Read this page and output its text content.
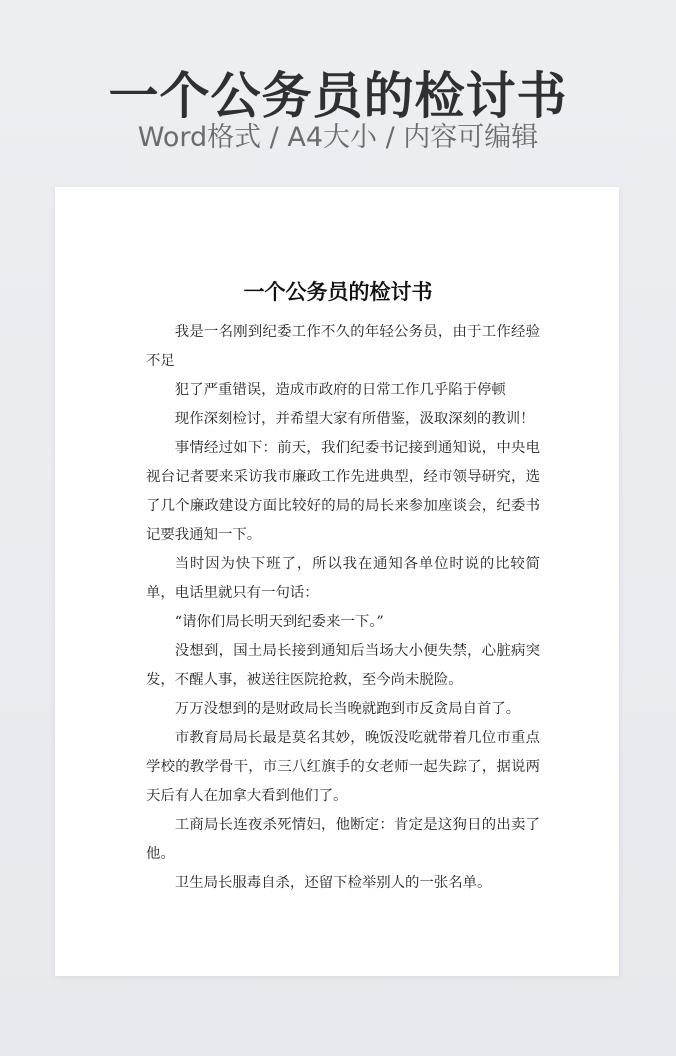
一个公务员的检讨书
Word格式 / A4大小 / 内容可编辑
一个公务员的检讨书

我是一名刚到纪委工作不久的年轻公务员，由于工作经验不足

犯了严重错误，造成市政府的日常工作几乎陷于停顿

现作深刻检讨，并希望大家有所借鉴，汲取深刻的教训！

事情经过如下：前天，我们纪委书记接到通知说，中央电视台记者要来采访我市廉政工作先进典型，经市领导研究，选了几个廉政建设方面比较好的局的局长来参加座谈会，纪委书记要我通知一下。

当时因为快下班了，所以我在通知各单位时说的比较简单，电话里就只有一句话：

“请你们局长明天到纪委来一下。”

没想到，国土局长接到通知后当场大小便失禁，心脏病突发，不醒人事，被送往医院抢救，至今尚未脱险。

万万没想到的是财政局长当晚就跑到市反贪局自首了。

市教育局局长最是莫名其妙，晚饭没吃就带着几位市重点学校的教学骨干，市三八红旗手的女老师一起失踪了，据说两天后有人在加拿大看到他们了。

工商局长连夜杀死情妇，他断定：肯定是这狗日的出卖了他。

卫生局长服毒自杀，还留下检举别人的一张名单。
